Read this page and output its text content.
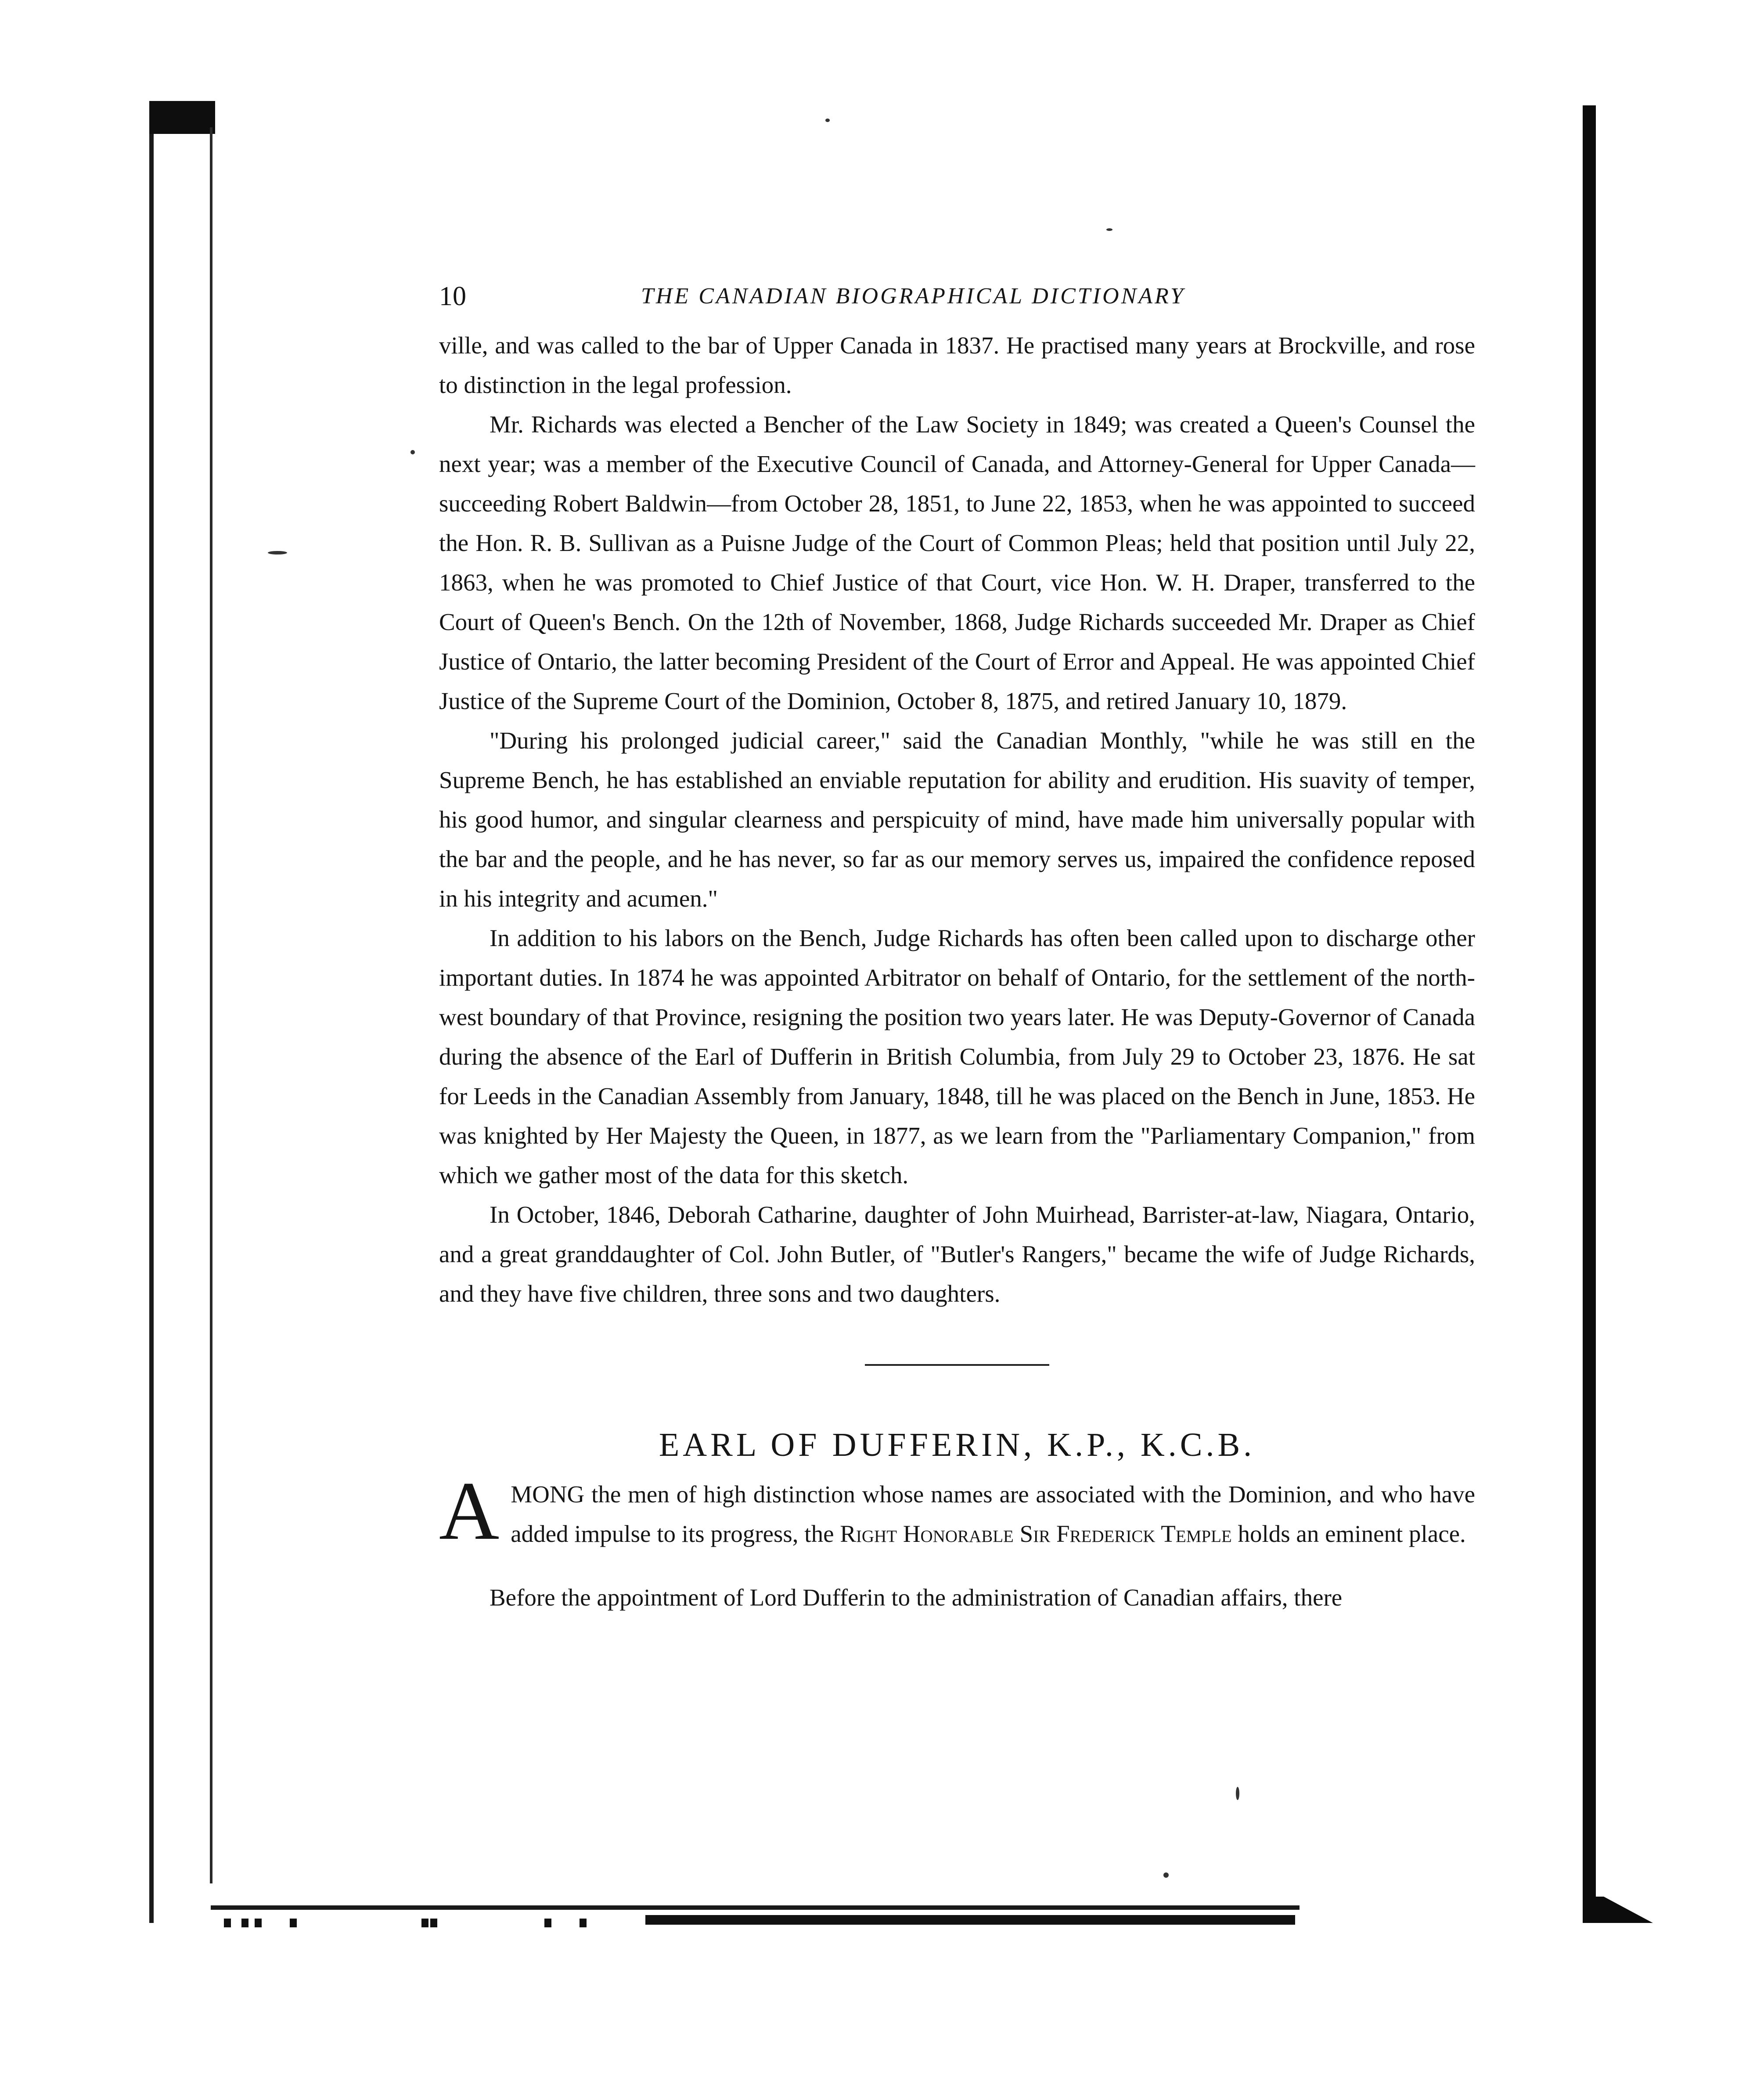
10	THE CANADIAN BIOGRAPHICAL DICTIONARY

ville, and was called to the bar of Upper Canada in 1837. He practised many years at Brockville, and rose to distinction in the legal profession.

Mr. Richards was elected a Bencher of the Law Society in 1849; was created a Queen's Counsel the next year; was a member of the Executive Council of Canada, and Attorney-General for Upper Canada—succeeding Robert Baldwin—from October 28, 1851, to June 22, 1853, when he was appointed to succeed the Hon. R. B. Sullivan as a Puisne Judge of the Court of Common Pleas; held that position until July 22, 1863, when he was promoted to Chief Justice of that Court, vice Hon. W. H. Draper, transferred to the Court of Queen's Bench. On the 12th of November, 1868, Judge Richards succeeded Mr. Draper as Chief Justice of Ontario, the latter becoming President of the Court of Error and Appeal. He was appointed Chief Justice of the Supreme Court of the Dominion, October 8, 1875, and retired January 10, 1879.

"During his prolonged judicial career," said the Canadian Monthly, "while he was still en the Supreme Bench, he has established an enviable reputation for ability and erudition. His suavity of temper, his good humor, and singular clearness and perspicuity of mind, have made him universally popular with the bar and the people, and he has never, so far as our memory serves us, impaired the confidence reposed in his integrity and acumen."

In addition to his labors on the Bench, Judge Richards has often been called upon to discharge other important duties. In 1874 he was appointed Arbitrator on behalf of Ontario, for the settlement of the north-west boundary of that Province, resigning the position two years later. He was Deputy-Governor of Canada during the absence of the Earl of Dufferin in British Columbia, from July 29 to October 23, 1876. He sat for Leeds in the Canadian Assembly from January, 1848, till he was placed on the Bench in June, 1853. He was knighted by Her Majesty the Queen, in 1877, as we learn from the "Parliamentary Companion," from which we gather most of the data for this sketch.

In October, 1846, Deborah Catharine, daughter of John Muirhead, Barrister-at-law, Niagara, Ontario, and a great granddaughter of Col. John Butler, of "Butler's Rangers," became the wife of Judge Richards, and they have five children, three sons and two daughters.

EARL OF DUFFERIN, K.P., K.C.B.

A MONG the men of high distinction whose names are associated with the Dominion, and who have added impulse to its progress, the Right Honorable Sir Frederick Temple holds an eminent place.

Before the appointment of Lord Dufferin to the administration of Canadian affairs, there
